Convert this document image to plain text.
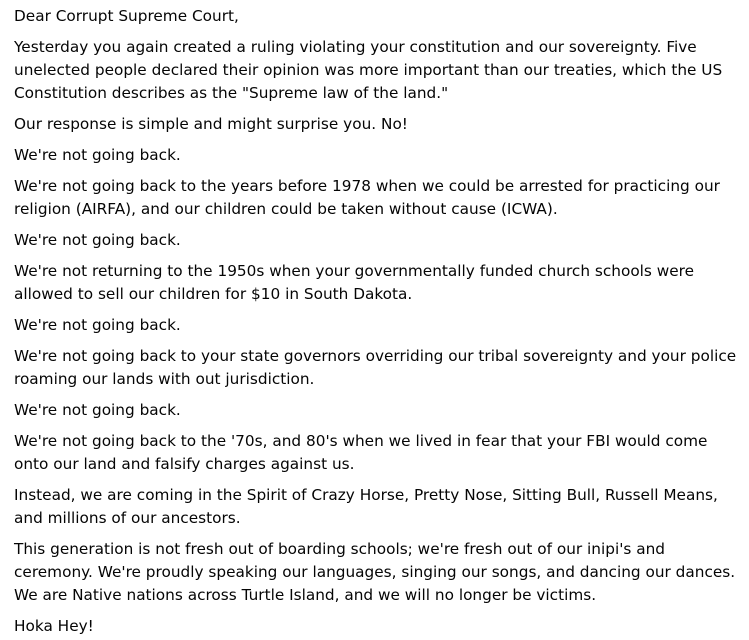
Dear Corrupt Supreme Court,

Yesterday you again created a ruling violating your constitution and our sovereignty. Five unelected people declared their opinion was more important than our treaties, which the US Constitution describes as the "Supreme law of the land."

Our response is simple and might surprise you. No!

We're not going back.

We're not going back to the years before 1978 when we could be arrested for practicing our religion (AIRFA), and our children could be taken without cause (ICWA).

We're not going back.

We're not returning to the 1950s when your governmentally funded church schools were allowed to sell our children for $10 in South Dakota.

We're not going back.

We're not going back to your state governors overriding our tribal sovereignty and your police roaming our lands with out jurisdiction.

We're not going back.

We're not going back to the '70s, and 80's when we lived in fear that your FBI would come onto our land and falsify charges against us.

Instead, we are coming in the Spirit of Crazy Horse, Pretty Nose, Sitting Bull, Russell Means, and millions of our ancestors.

This generation is not fresh out of boarding schools; we're fresh out of our inipi's and ceremony. We're proudly speaking our languages, singing our songs, and dancing our dances. We are Native nations across Turtle Island, and we will no longer be victims.

Hoka Hey!
